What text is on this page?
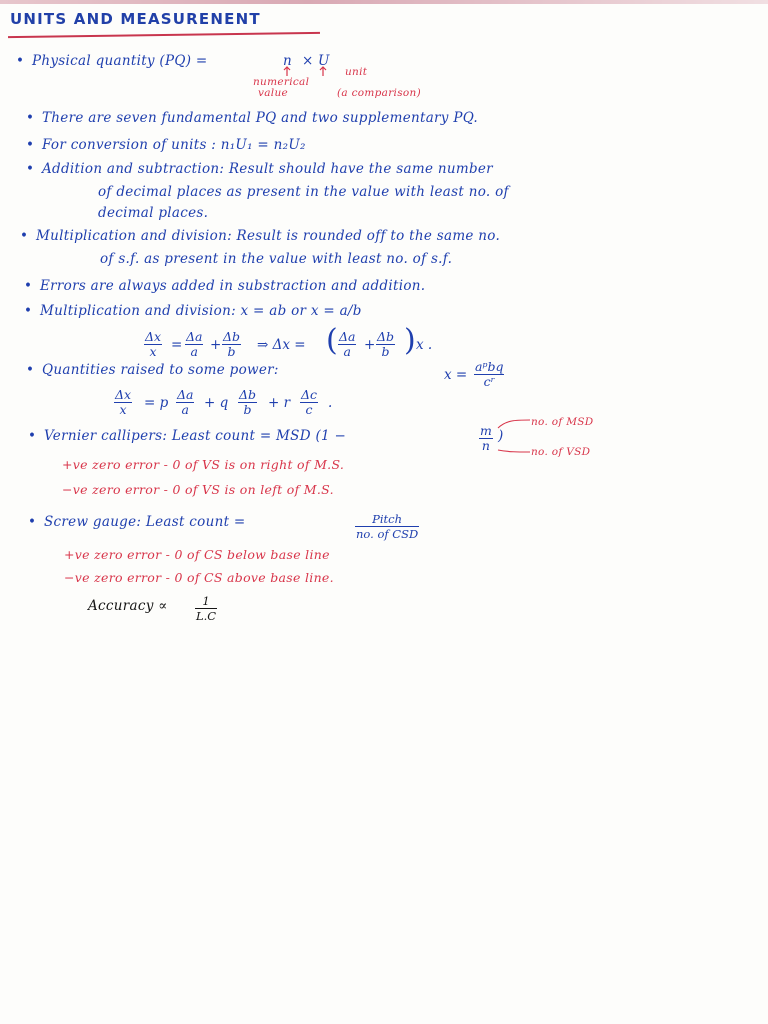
UNITS AND MEASURENENT
• Physical quantity (PQ) =	n × U
numerical
value
unit
(a comparison)
• There are seven fundamental PQ and two supplementary PQ.
• For conversion of units : n₁U₁ = n₂U₂
• Addition and subtraction: Result should have the same number
of decimal places as present in the value with least no. of
decimal places.
• Multiplication and division: Result is rounded off to the same no.
of s.f. as present in the value with least no. of s.f.
• Errors are always added in substraction and addition.
• Multiplication and division: x = ab or x = a/b
$\frac{\Delta x}{x} = \frac{\Delta a}{a} + \frac{\Delta b}{b}$ ⇒ Δx = ( $\frac{\Delta a}{a} + \frac{\Delta b}{b}$ ) x .
• Quantities raised to some power:	x =
aᵖbq
cʳ
$\frac{\Delta x}{x} = p \frac{\Delta a}{a} + q \frac{\Delta b}{b} + r \frac{\Delta c}{c}$ .
• Vernier callipers: Least count = MSD (1 −	$\frac{m}{n}$ )
no. of MSD
no. of VSD
+ve zero error - 0 of VS is on right of M.S.
−ve zero error - 0 of VS is on left of M.S.
• Screw gauge: Least count =	Pitch
no. of CSD
+ve zero error - 0 of CS below base line
−ve zero error - 0 of CS above base line.
Accuracy ∝ $\frac{1}{L.C}$
